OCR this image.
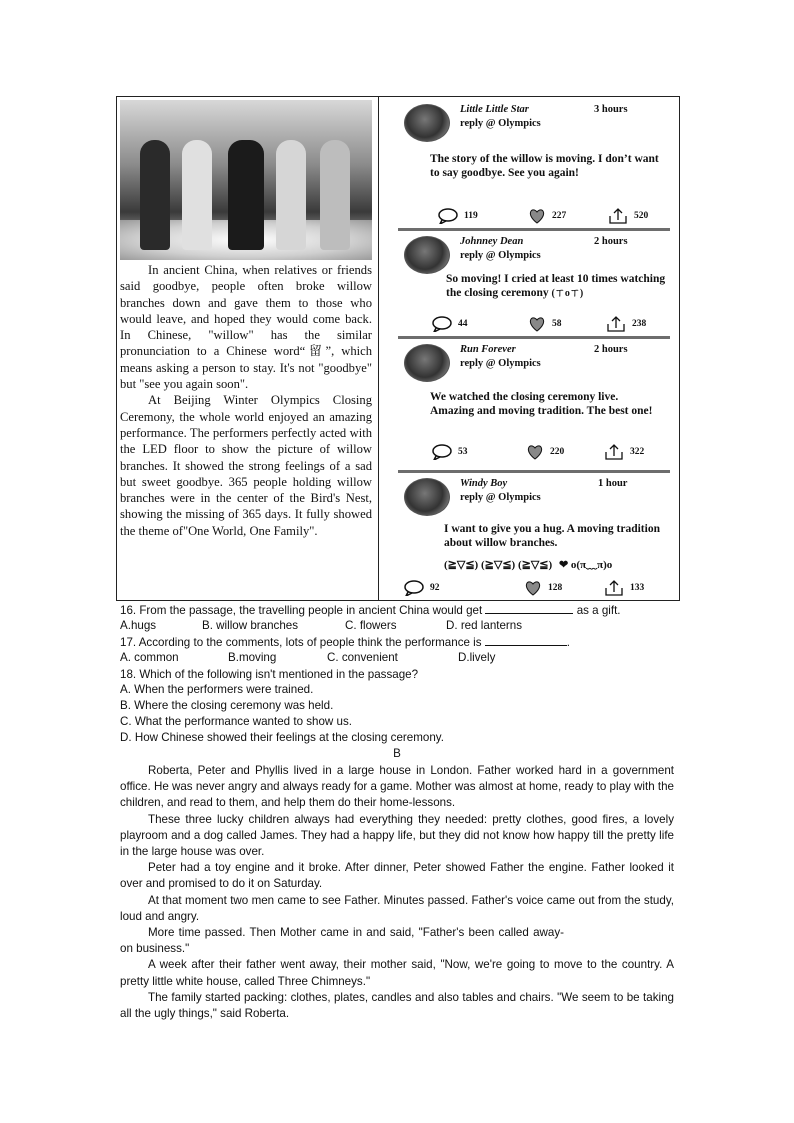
In ancient China, when relatives or friends said goodbye, people often broke willow branches down and gave them to those who would leave, and hoped they would come back. In Chinese, "willow" has the similar pronunciation to a Chinese word“留”, which means asking a person to stay. It's not "goodbye" but "see you again soon".

At Beijing Winter Olympics Closing Ceremony, the whole world enjoyed an amazing performance. The performers perfectly acted with the LED floor to show the picture of willow branches. It showed the strong feelings of a sad but sweet goodbye. 365 people holding willow branches were in the center of the Bird's Nest, showing the missing of 365 days. It fully showed the theme of"One World, One Family".

Little Little Star	3 hours
reply @ Olympics
The story of the willow is moving. I don’t want to say goodbye. See you again!
119	227	520
Johnney Dean	2 hours
reply @ Olympics
So moving! I cried at least 10 times watching the closing ceremony (ㄒoㄒ)
44	58	238
Run Forever	2 hours
reply @ Olympics
We watched the closing ceremony live. Amazing and moving tradition. The best one!
53	220	322
Windy Boy	1 hour
reply @ Olympics
I want to give you a hug. A moving tradition about willow branches.
(≧▽≦) (≧▽≦) (≧▽≦) ❤ o(π﹏π)o
92	128	133
16. From the passage, the travelling people in ancient China would get	as a gift.
A.hugs	B. willow branches	C. flowers	D. red lanterns
17. According to the comments, lots of people think the performance is	.
A. common	B.moving	C. convenient	D.lively
18. Which of the following isn't mentioned in the passage?
A. When the performers were trained.
B. Where the closing ceremony was held.
C. What the performance wanted to show us.
D. How Chinese showed their feelings at the closing ceremony.
B

Roberta, Peter and Phyllis lived in a large house in London. Father worked hard in a government office. He was never angry and always ready for a game. Mother was almost at home, ready to play with the children, and read to them, and help them do their home-lessons.

These three lucky children always had everything they needed: pretty clothes, good fires, a lovely playroom and a dog called James. They had a happy life, but they did not know how happy till the pretty life in the large house was over.

Peter had a toy engine and it broke. After dinner, Peter showed Father the engine. Father looked it over and promised to do it on Saturday.

At that moment two men came to see Father. Minutes passed. Father's voice came out from the study, loud and angry.

More time passed. Then Mother came in and said, "Father's been called away- on business."

A week after their father went away, their mother said, "Now, we're going to move to the country. A pretty little white house, called Three Chimneys."

The family started packing: clothes, plates, candles and also tables and chairs. "We seem to be taking all the ugly things," said Roberta.
